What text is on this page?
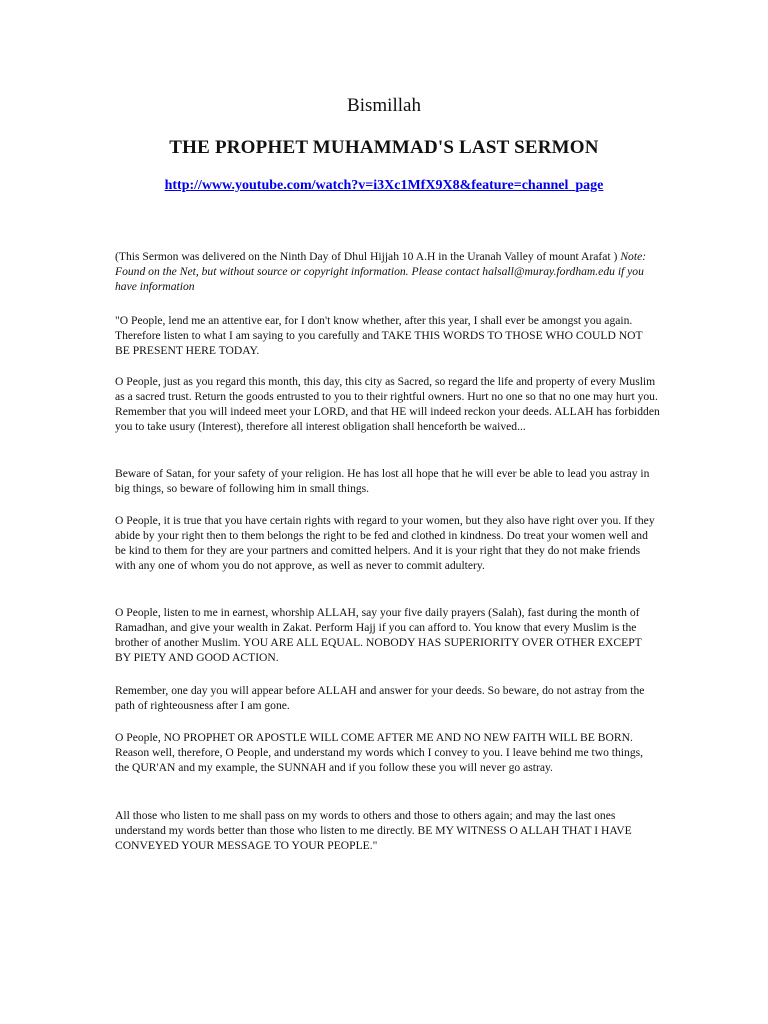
Bismillah
THE PROPHET MUHAMMAD'S LAST SERMON
http://www.youtube.com/watch?v=i3Xc1MfX9X8&feature=channel_page

(This Sermon was delivered on the Ninth Day of Dhul Hijjah 10 A.H in the Uranah Valley of mount Arafat ) Note: Found on the Net, but without source or copyright information. Please contact halsall@muray.fordham.edu if you have information

"O People, lend me an attentive ear, for I don't know whether, after this year, I shall ever be amongst you again. Therefore listen to what I am saying to you carefully and TAKE THIS WORDS TO THOSE WHO COULD NOT BE PRESENT HERE TODAY.

O People, just as you regard this month, this day, this city as Sacred, so regard the life and property of every Muslim as a sacred trust. Return the goods entrusted to you to their rightful owners. Hurt no one so that no one may hurt you. Remember that you will indeed meet your LORD, and that HE will indeed reckon your deeds. ALLAH has forbidden you to take usury (Interest), therefore all interest obligation shall henceforth be waived...

Beware of Satan, for your safety of your religion. He has lost all hope that he will ever be able to lead you astray in big things, so beware of following him in small things.

O People, it is true that you have certain rights with regard to your women, but they also have right over you. If they abide by your right then to them belongs the right to be fed and clothed in kindness. Do treat your women well and be kind to them for they are your partners and comitted helpers. And it is your right that they do not make friends with any one of whom you do not approve, as well as never to commit adultery.

O People, listen to me in earnest, whorship ALLAH, say your five daily prayers (Salah), fast during the month of Ramadhan, and give your wealth in Zakat. Perform Hajj if you can afford to. You know that every Muslim is the brother of another Muslim. YOU ARE ALL EQUAL. NOBODY HAS SUPERIORITY OVER OTHER EXCEPT BY PIETY AND GOOD ACTION.

Remember, one day you will appear before ALLAH and answer for your deeds. So beware, do not astray from the path of righteousness after I am gone.

O People, NO PROPHET OR APOSTLE WILL COME AFTER ME AND NO NEW FAITH WILL BE BORN. Reason well, therefore, O People, and understand my words which I convey to you. I leave behind me two things, the QUR'AN and my example, the SUNNAH and if you follow these you will never go astray.

All those who listen to me shall pass on my words to others and those to others again; and may the last ones understand my words better than those who listen to me directly. BE MY WITNESS O ALLAH THAT I HAVE CONVEYED YOUR MESSAGE TO YOUR PEOPLE."
